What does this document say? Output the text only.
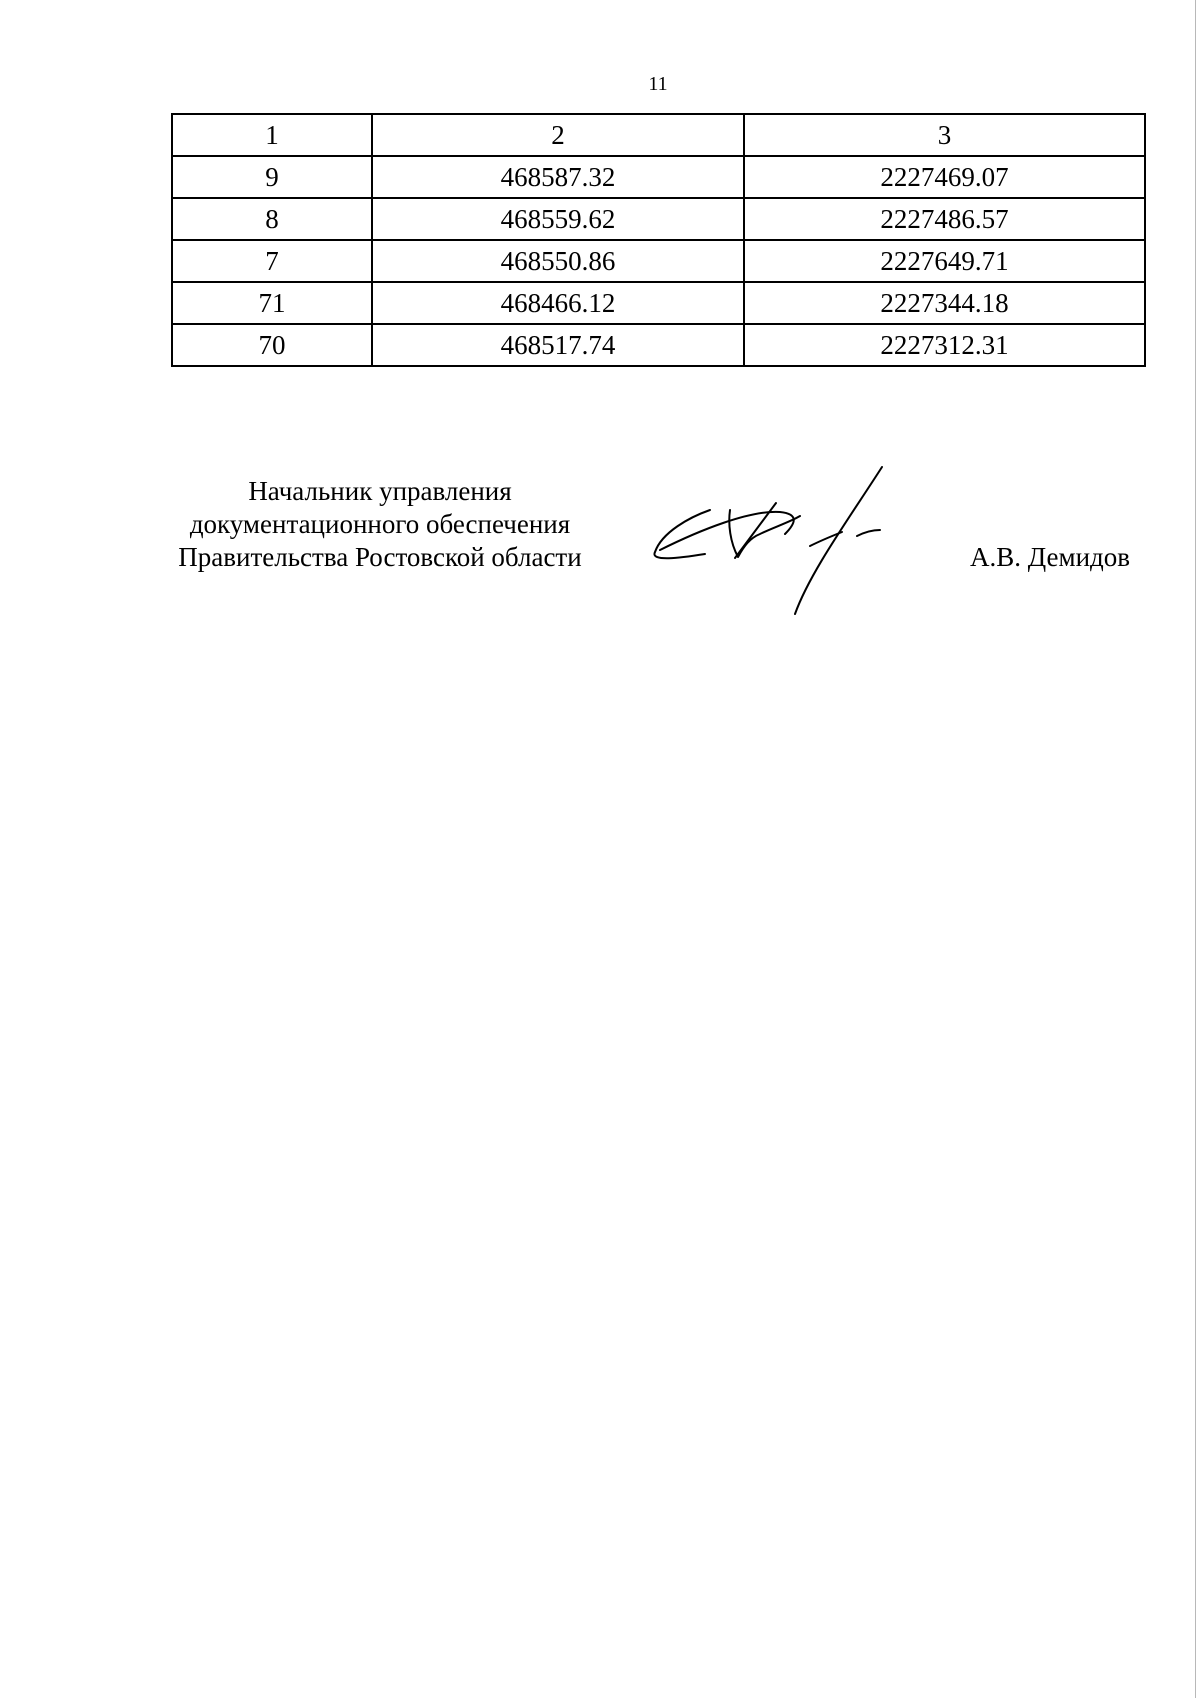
11
1	2	3
9	468587.32	2227469.07
8	468559.62	2227486.57
7	468550.86	2227649.71
71	468466.12	2227344.18
70	468517.74	2227312.31
Начальник управления
документационного обеспечения
Правительства Ростовской области	А.В. Демидов
